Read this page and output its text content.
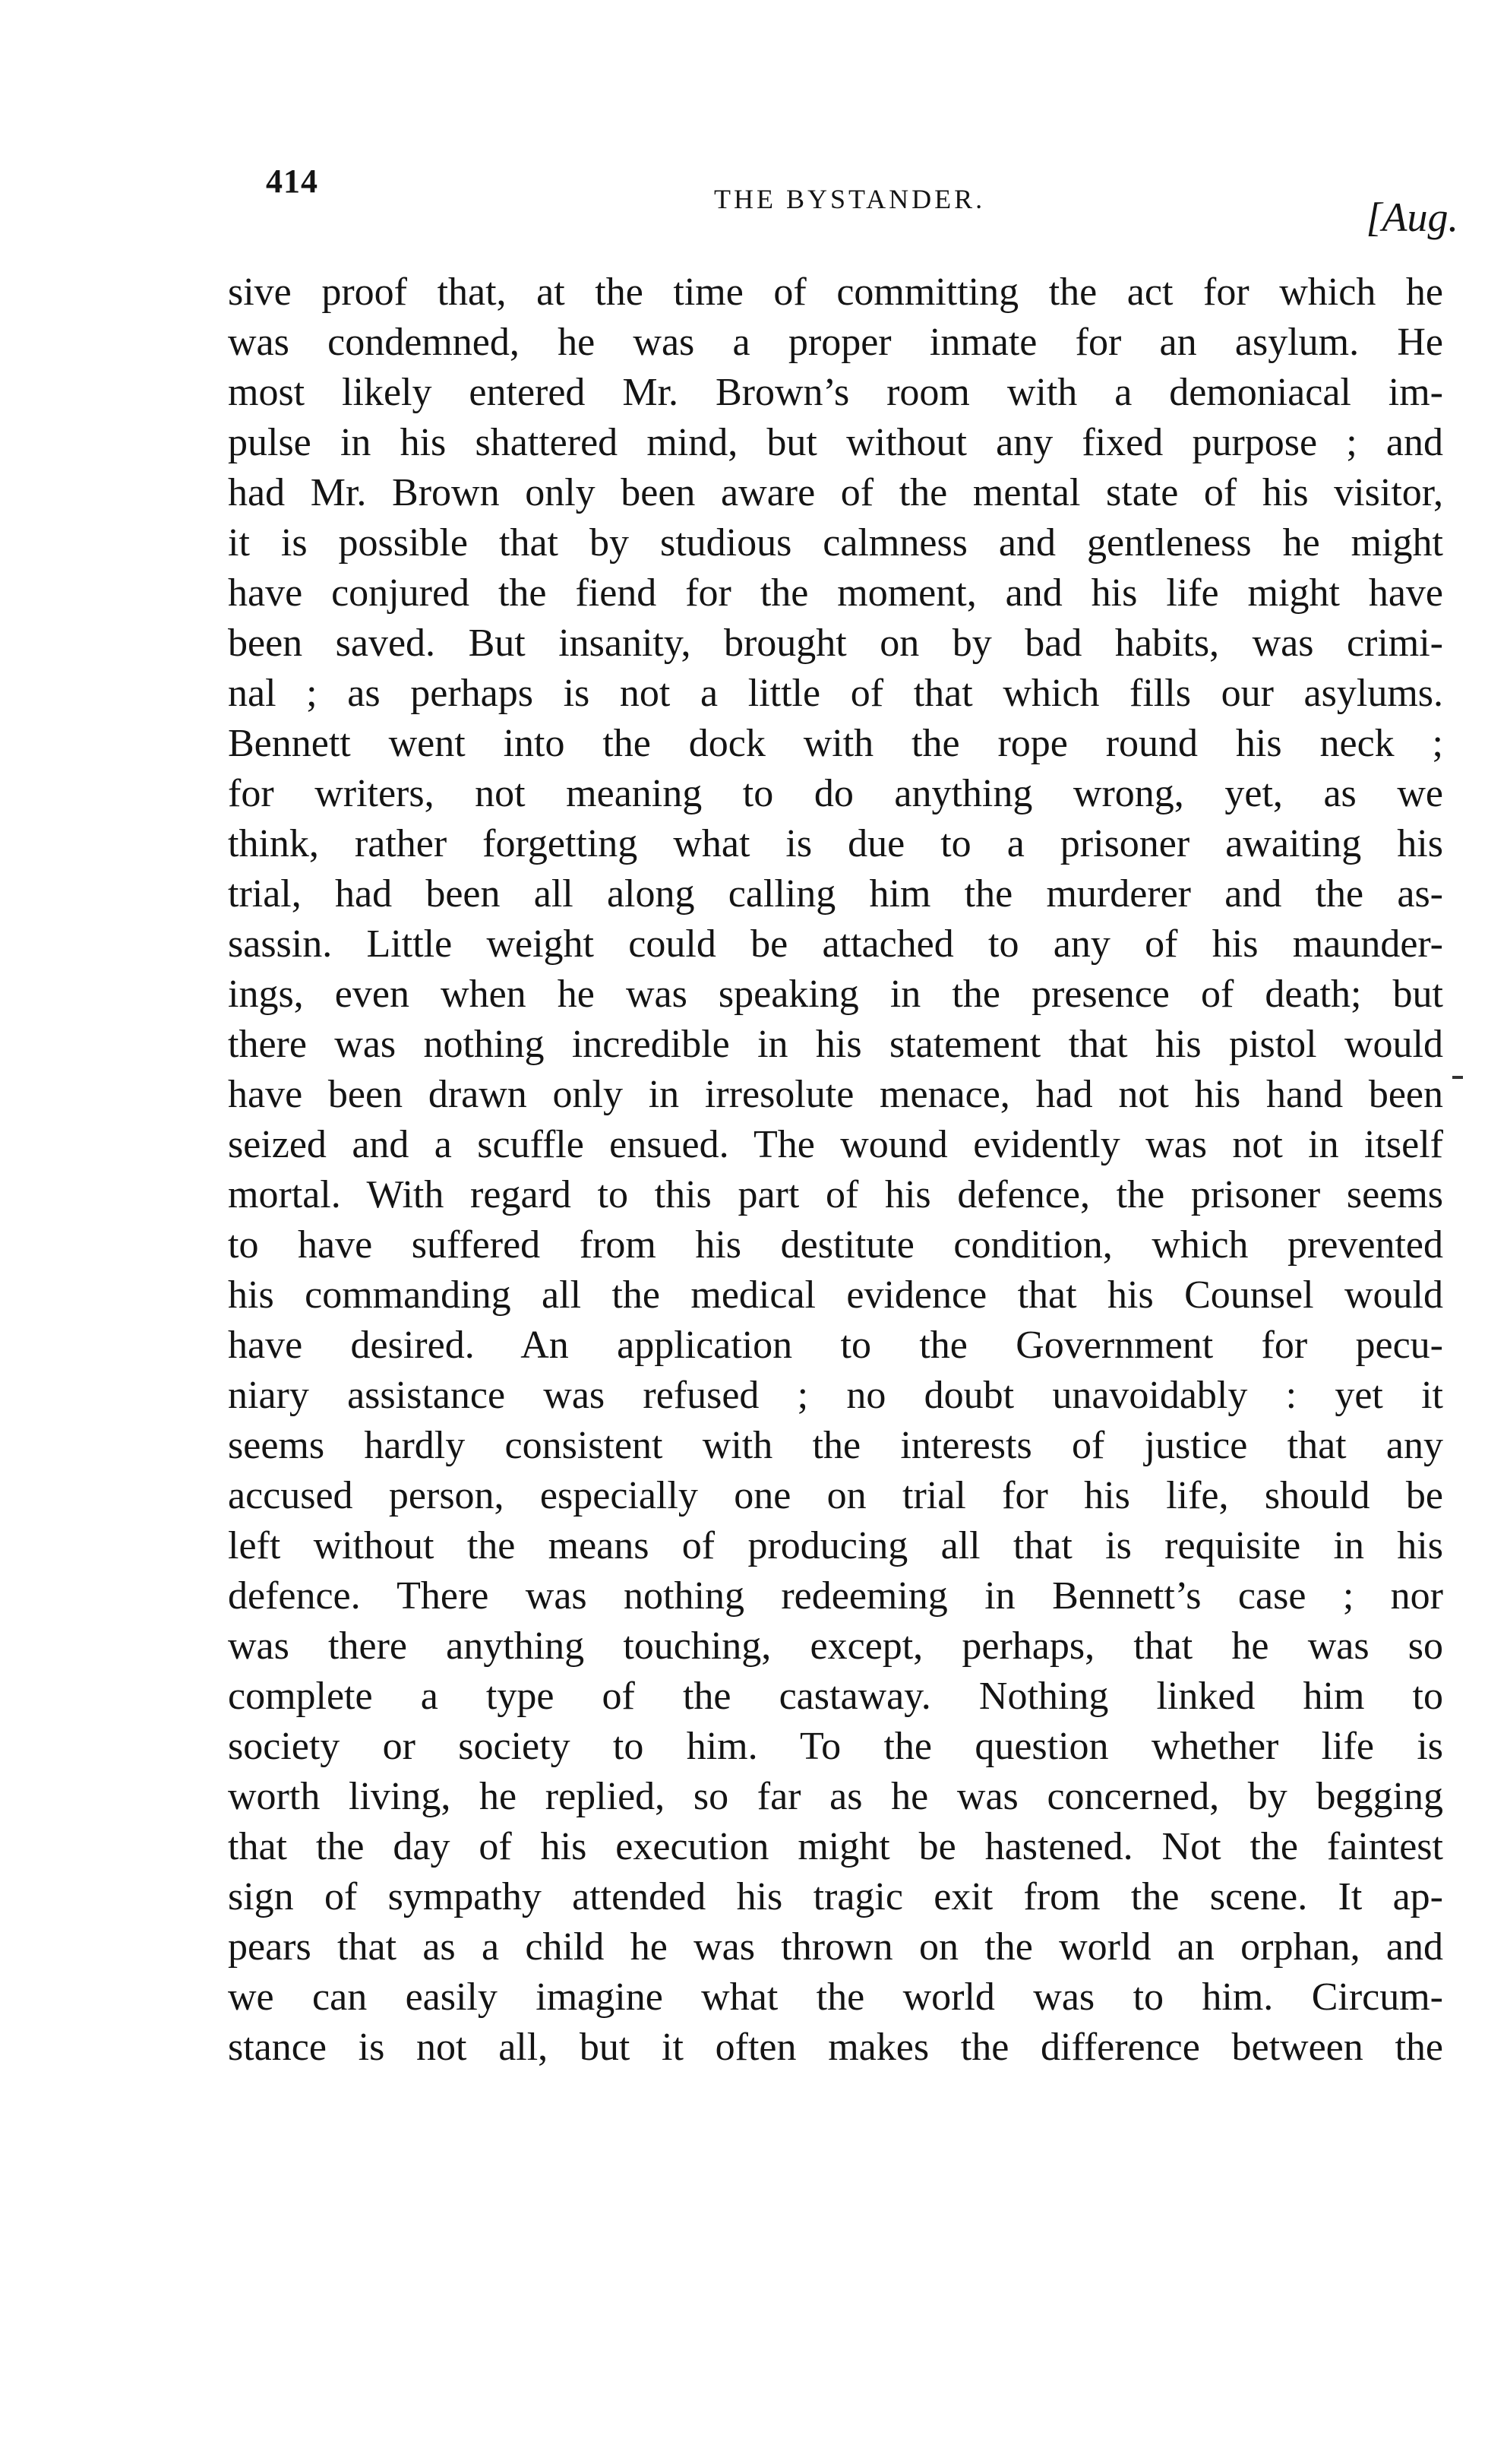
414	THE BYSTANDER.	[Aug.
sive proof that, at the time of committing the act for which he
was condemned, he was a proper inmate for an asylum. He
most likely entered Mr. Brown’s room with a demoniacal im-
pulse in his shattered mind, but without any fixed purpose ; and
had Mr. Brown only been aware of the mental state of his visitor,
it is possible that by studious calmness and gentleness he might
have conjured the fiend for the moment, and his life might have
been saved. But insanity, brought on by bad habits, was crimi-
nal ; as perhaps is not a little of that which fills our asylums.
Bennett went into the dock with the rope round his neck ;
for writers, not meaning to do anything wrong, yet, as we
think, rather forgetting what is due to a prisoner awaiting his
trial, had been all along calling him the murderer and the as-
sassin. Little weight could be attached to any of his maunder-
ings, even when he was speaking in the presence of death; but
there was nothing incredible in his statement that his pistol would
have been drawn only in irresolute menace, had not his hand been
seized and a scuffle ensued. The wound evidently was not in itself
mortal. With regard to this part of his defence, the prisoner seems
to have suffered from his destitute condition, which prevented
his commanding all the medical evidence that his Counsel would
have desired. An application to the Government for pecu-
niary assistance was refused ; no doubt unavoidably : yet it
seems hardly consistent with the interests of justice that any
accused person, especially one on trial for his life, should be
left without the means of producing all that is requisite in his
defence. There was nothing redeeming in Bennett’s case ; nor
was there anything touching, except, perhaps, that he was so
complete a type of the castaway. Nothing linked him to
society or society to him. To the question whether life is
worth living, he replied, so far as he was concerned, by begging
that the day of his execution might be hastened. Not the faintest
sign of sympathy attended his tragic exit from the scene. It ap-
pears that as a child he was thrown on the world an orphan, and
we can easily imagine what the world was to him. Circum-
stance is not all, but it often makes the difference between the
